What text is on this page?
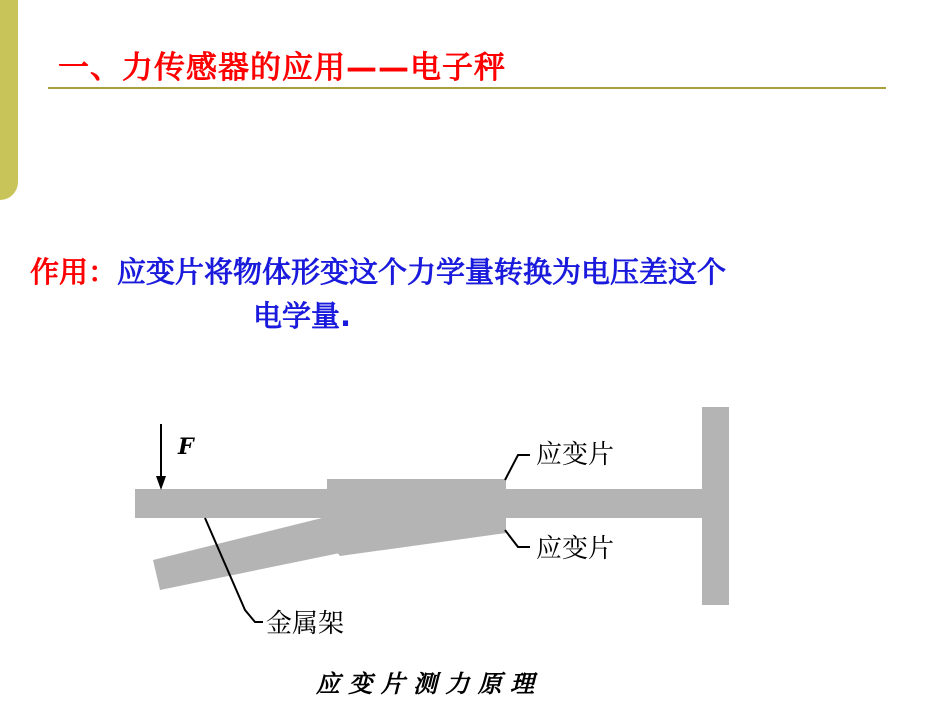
一、力传感器的应用——电子秤
作用：应变片将物体形变这个力学量转换为电压差这个
电学量.
F	应变片
应变片
金属架
应 变 片 测 力 原 理
